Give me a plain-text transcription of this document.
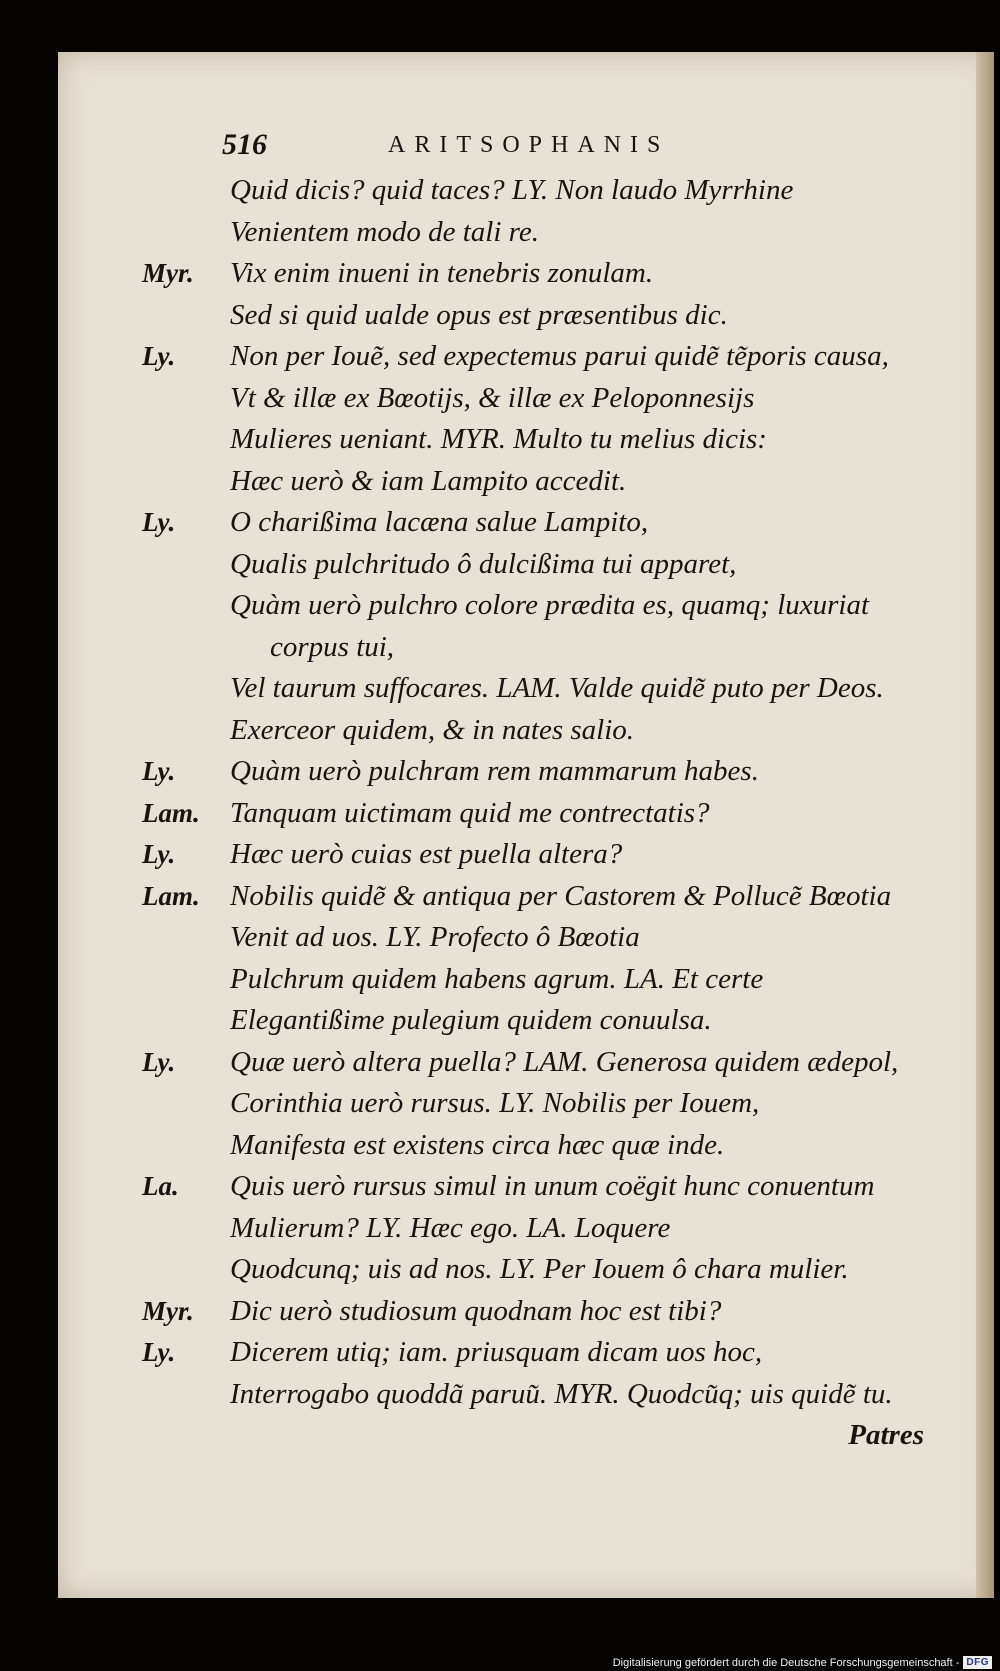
516	ARITSOPHANIS
Quid dicis? quid taces? LY. Non laudo Myrrhine
Venientem modo de tali re.
Myr. Vix enim inueni in tenebris zonulam.
Sed si quid ualde opus est præsentibus dic.
Ly. Non per Ioue͂, sed expectemus parui quide͂ te͂poris causa,
Vt & illæ ex Bœotijs, & illæ ex Peloponnesijs
Mulieres ueniant. MYR. Multo tu melius dicis:
Hæc uerò & iam Lampito accedit.
Ly. O charißima lacæna salue Lampito,
Qualis pulchritudo ô dulcißima tui apparet,
Quàm uerò pulchro colore prædita es, quamq; luxuriat
corpus tui,
Vel taurum suffocares. LAM. Valde quide͂ puto per Deos.
Exerceor quidem, & in nates salio.
Ly. Quàm uerò pulchram rem mammarum habes.
Lam. Tanquam uictimam quid me contrectatis?
Ly. Hæc uerò cuias est puella altera?
Lam. Nobilis quide͂ & antiqua per Castorem & Polluce͂ Bœotia
Venit ad uos. LY. Profecto ô Bœotia
Pulchrum quidem habens agrum. LA. Et certe
Elegantißime pulegium quidem conuulsa.
Ly. Quæ uerò altera puella? LAM. Generosa quidem ædepol,
Corinthia uerò rursus. LY. Nobilis per Iouem,
Manifesta est existens circa hæc quæ inde.
La. Quis uerò rursus simul in unum coëgit hunc conuentum
Mulierum? LY. Hæc ego. LA. Loquere
Quodcunq; uis ad nos. LY. Per Iouem ô chara mulier.
Myr. Dic uerò studiosum quodnam hoc est tibi?
Ly. Dicerem utiq; iam. priusquam dicam uos hoc,
Interrogabo quodda͂ paruu͂. MYR. Quodcu͂q; uis quide͂ tu.
Patres
Digitalisierung gefördert durch die Deutsche Forschungsgemeinschaft - DFG
